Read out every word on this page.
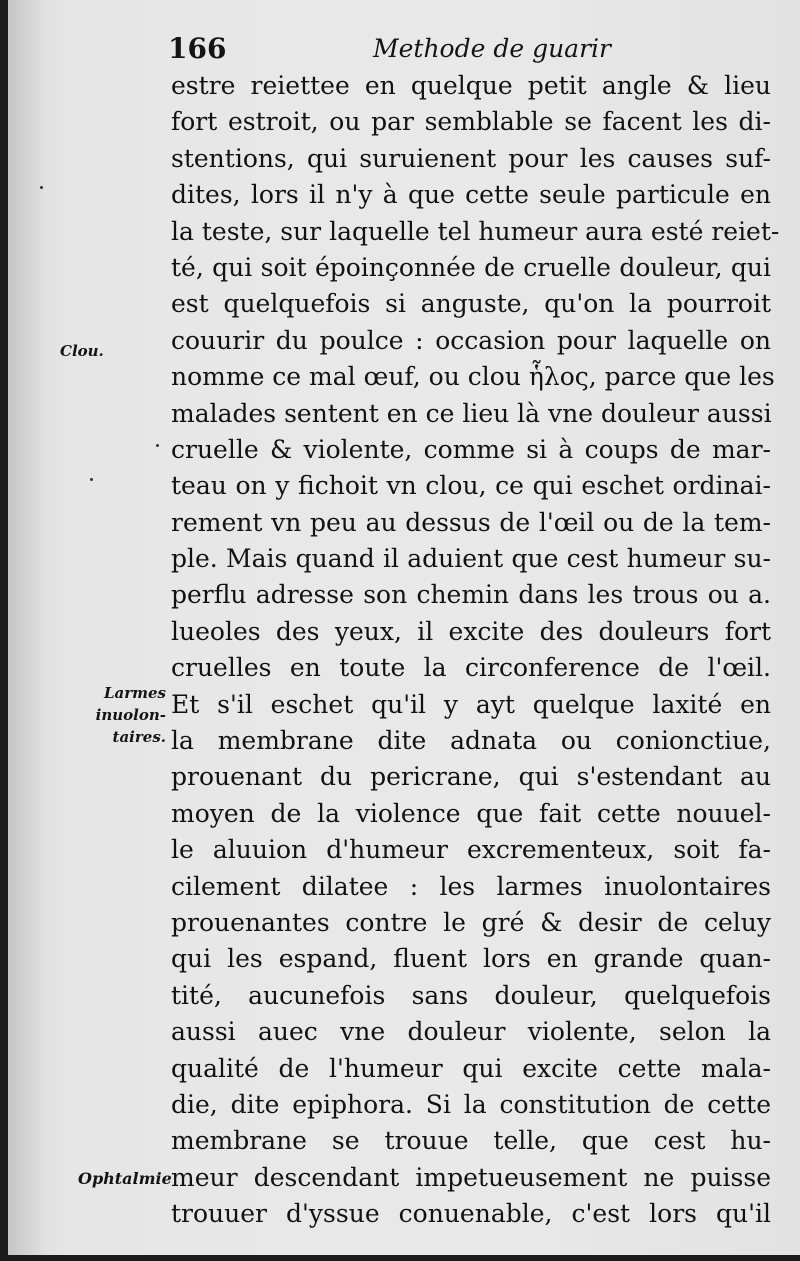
166	Methode de guarir
estre reiettee en quelque petit angle & lieu
fort estroit, ou par semblable se facent les di-
stentions, qui suruienent pour les causes suf-
dites, lors il n'y à que cette seule particule en
la teste, sur laquelle tel humeur aura esté reiet-
té, qui soit époinçonnée de cruelle douleur, qui
est quelquefois si anguste, qu'on la pourroit
couurir du poulce : occasion pour laquelle on
nomme ce mal œuf, ou clou ἧλος, parce que les
malades sentent en ce lieu là vne douleur aussi
cruelle & violente, comme si à coups de mar-
teau on y fichoit vn clou, ce qui eschet ordinai-
rement vn peu au dessus de l'œil ou de la tem-
ple. Mais quand il aduient que cest humeur su-
perflu adresse son chemin dans les trous ou a.
lueoles des yeux, il excite des douleurs fort
cruelles en toute la circonference de l'œil.
Et s'il eschet qu'il y ayt quelque laxité en
la membrane dite adnata ou conionctiue,
prouenant du pericrane, qui s'estendant au
moyen de la violence que fait cette nouuel-
le aluuion d'humeur excrementeux, soit fa-
cilement dilatee : les larmes inuolontaires
prouenantes contre le gré & desir de celuy
qui les espand, fluent lors en grande quan-
tité, aucunefois sans douleur, quelquefois
aussi auec vne douleur violente, selon la
qualité de l'humeur qui excite cette mala-
die, dite epiphora. Si la constitution de cette
membrane se trouue telle, que cest hu-
meur descendant impetueusement ne puisse
trouuer d'yssue conuenable, c'est lors qu'il
Clou.
Larmes
inuolon-
taires.
Ophtalmie
